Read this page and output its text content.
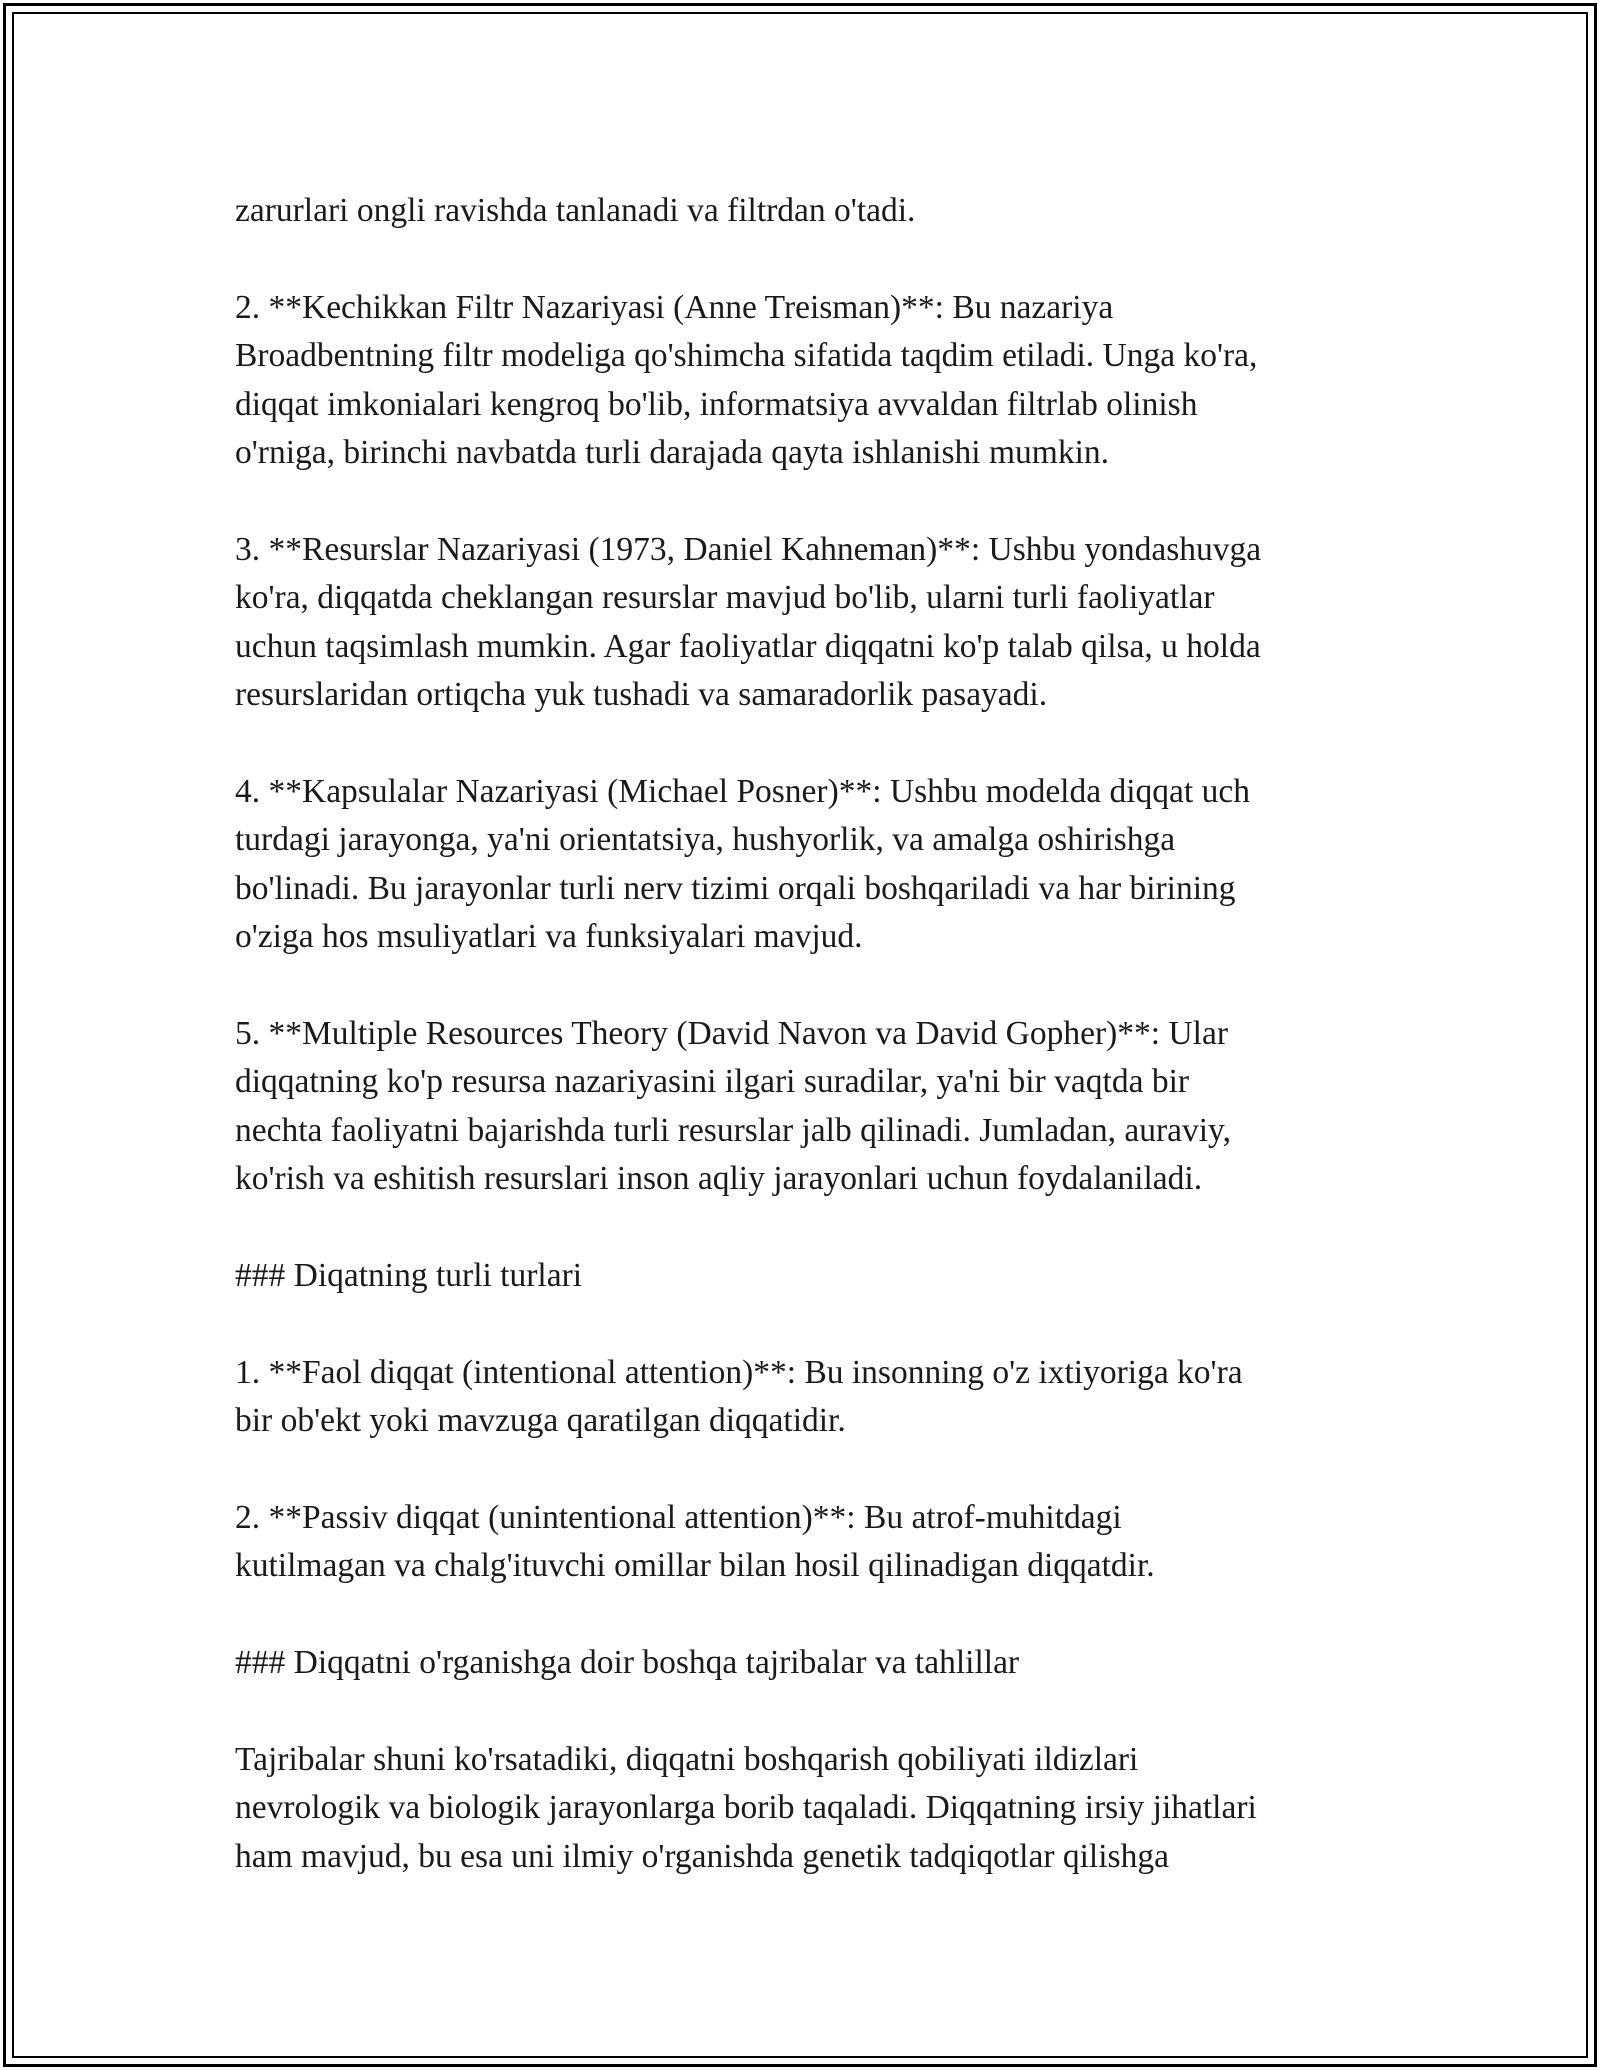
zarurlari ongli ravishda tanlanadi va filtrdan o'tadi.

2. **Kechikkan Filtr Nazariyasi (Anne Treisman)**: Bu nazariya
Broadbentning filtr modeliga qo'shimcha sifatida taqdim etiladi. Unga ko'ra,
diqqat imkonialari kengroq bo'lib, informatsiya avvaldan filtrlab olinish
o'rniga, birinchi navbatda turli darajada qayta ishlanishi mumkin.

3. **Resurslar Nazariyasi (1973, Daniel Kahneman)**: Ushbu yondashuvga
ko'ra, diqqatda cheklangan resurslar mavjud bo'lib, ularni turli faoliyatlar
uchun taqsimlash mumkin. Agar faoliyatlar diqqatni ko'p talab qilsa, u holda
resurslaridan ortiqcha yuk tushadi va samaradorlik pasayadi.

4. **Kapsulalar Nazariyasi (Michael Posner)**: Ushbu modelda diqqat uch
turdagi jarayonga, ya'ni orientatsiya, hushyorlik, va amalga oshirishga
bo'linadi. Bu jarayonlar turli nerv tizimi orqali boshqariladi va har birining
o'ziga hos msuliyatlari va funksiyalari mavjud.

5. **Multiple Resources Theory (David Navon va David Gopher)**: Ular
diqqatning ko'p resursa nazariyasini ilgari suradilar, ya'ni bir vaqtda bir
nechta faoliyatni bajarishda turli resurslar jalb qilinadi. Jumladan, auraviy,
ko'rish va eshitish resurslari inson aqliy jarayonlari uchun foydalaniladi.

### Diqatning turli turlari

1. **Faol diqqat (intentional attention)**: Bu insonning o'z ixtiyoriga ko'ra
bir ob'ekt yoki mavzuga qaratilgan diqqatidir.

2. **Passiv diqqat (unintentional attention)**: Bu atrof-muhitdagi
kutilmagan va chalg'ituvchi omillar bilan hosil qilinadigan diqqatdir.

### Diqqatni o'rganishga doir boshqa tajribalar va tahlillar

Tajribalar shuni ko'rsatadiki, diqqatni boshqarish qobiliyati ildizlari
nevrologik va biologik jarayonlarga borib taqaladi. Diqqatning irsiy jihatlari
ham mavjud, bu esa uni ilmiy o'rganishda genetik tadqiqotlar qilishga
